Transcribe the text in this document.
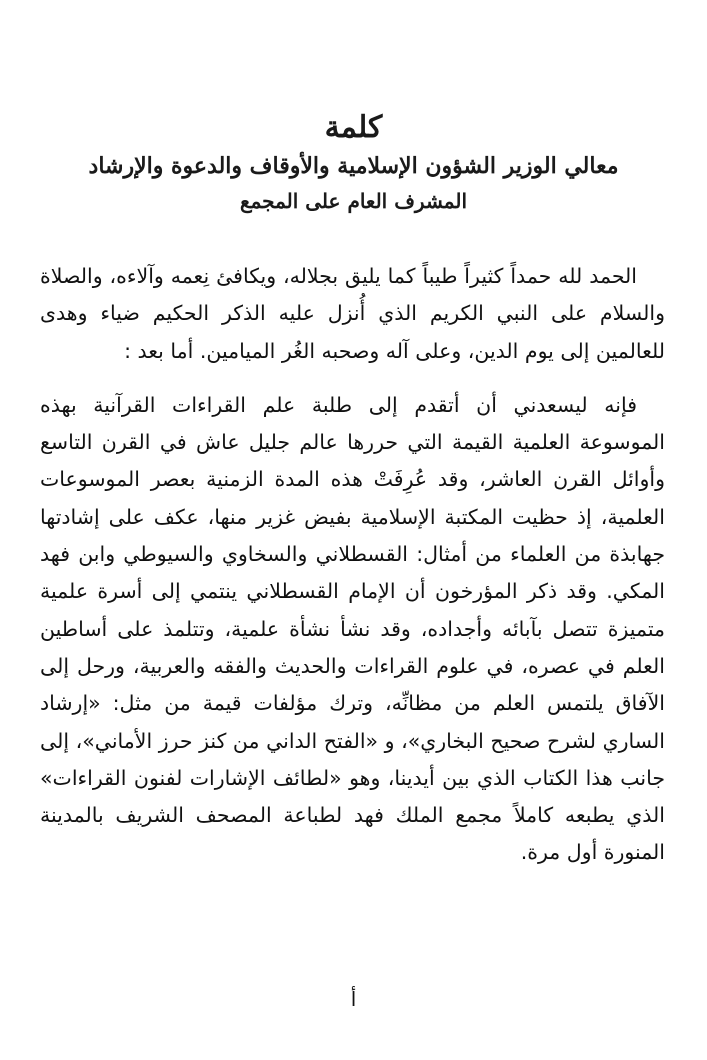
كلمة
معالي الوزير الشؤون الإسلامية والأوقاف والدعوة والإرشاد
المشرف العام على المجمع

الحمد لله حمداً كثيراً طيباً كما يليق بجلاله، ويكافئ نِعمه وآلاءه، والصلاة والسلام على النبي الكريم الذي أُنزل عليه الذكر الحكيم ضياء وهدى للعالمين إلى يوم الدين، وعلى آله وصحبه الغُر الميامين. أما بعد :

فإنه ليسعدني أن أتقدم إلى طلبة علم القراءات القرآنية بهذه الموسوعة العلمية القيمة التي حررها عالم جليل عاش في القرن التاسع وأوائل القرن العاشر، وقد عُرِفَتْ هذه المدة الزمنية بعصر الموسوعات العلمية، إذ حظيت المكتبة الإسلامية بفيض غزير منها، عكف على إشادتها جهابذة من العلماء من أمثال: القسطلاني والسخاوي والسيوطي وابن فهد المكي. وقد ذكر المؤرخون أن الإمام القسطلاني ينتمي إلى أسرة علمية متميزة تتصل بآبائه وأجداده، وقد نشأ نشأة علمية، وتتلمذ على أساطين العلم في عصره، في علوم القراءات والحديث والفقه والعربية، ورحل إلى الآفاق يلتمس العلم من مظانِّه، وترك مؤلفات قيمة من مثل: «إرشاد الساري لشرح صحيح البخاري»، و «الفتح الداني من كنز حرز الأماني»، إلى جانب هذا الكتاب الذي بين أيدينا، وهو «لطائف الإشارات لفنون القراءات» الذي يطبعه كاملاً مجمع الملك فهد لطباعة المصحف الشريف بالمدينة المنورة أول مرة.

أ
